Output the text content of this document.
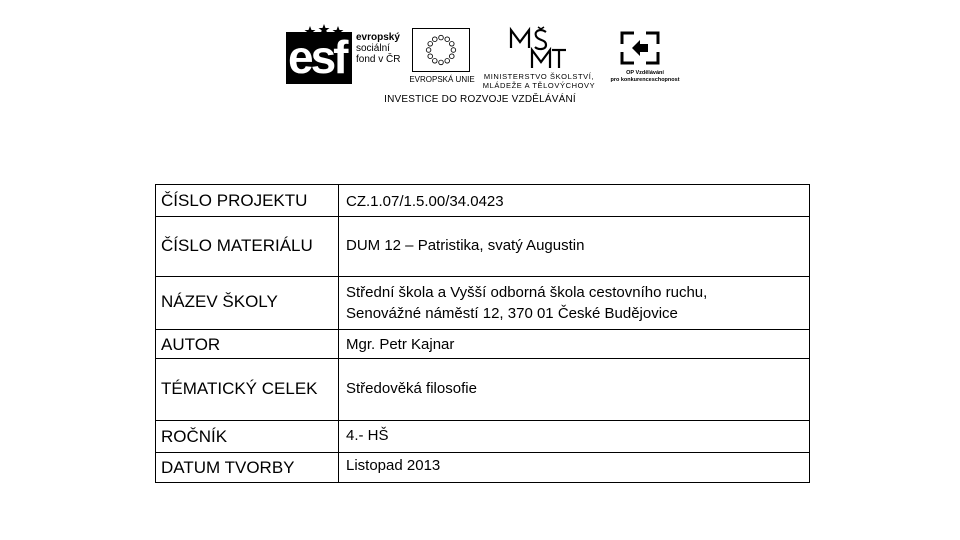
esf	evropský
sociální
fond v ČR
EVROPSKÁ UNIE	MINISTERSTVO ŠKOLSTVÍ,
MLÁDEŽE A TĚLOVÝCHOVY
OP Vzdělávání
pro konkurenceschopnost
INVESTICE DO ROZVOJE VZDĚLÁVÁNÍ
ČÍSLO PROJEKTU	CZ.1.07/1.5.00/34.0423
ČÍSLO MATERIÁLU	DUM 12 – Patristika, svatý Augustin
NÁZEV ŠKOLY	Střední škola a Vyšší odborná škola cestovního ruchu,
Senovážné náměstí 12, 370 01 České Budějovice

AUTOR	Mgr. Petr Kajnar
TÉMATICKÝ CELEK	Středověká filosofie
ROČNÍK	4.- HŠ
DATUM TVORBY	Listopad 2013
